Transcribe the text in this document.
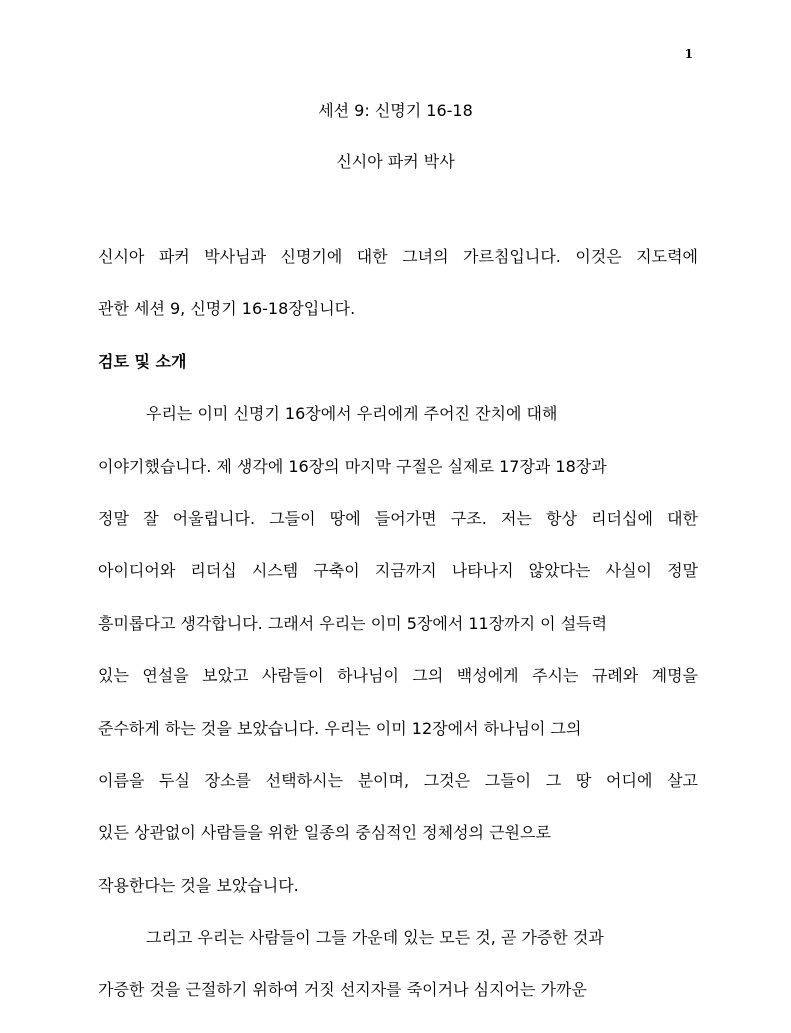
1
세션 9: 신명기 16-18
신시아 파커 박사
신시아 파커 박사님과 신명기에 대한 그녀의 가르침입니다. 이것은 지도력에
관한 세션 9, 신명기 16-18장입니다.
검토 및 소개
우리는 이미 신명기 16장에서 우리에게 주어진 잔치에 대해
이야기했습니다. 제 생각에 16장의 마지막 구절은 실제로 17장과 18장과
정말 잘 어울립니다. 그들이 땅에 들어가면 구조. 저는 항상 리더십에 대한
아이디어와 리더십 시스템 구축이 지금까지 나타나지 않았다는 사실이 정말
흥미롭다고 생각합니다. 그래서 우리는 이미 5장에서 11장까지 이 설득력
있는 연설을 보았고 사람들이 하나님이 그의 백성에게 주시는 규례와 계명을
준수하게 하는 것을 보았습니다. 우리는 이미 12장에서 하나님이 그의
이름을 두실 장소를 선택하시는 분이며, 그것은 그들이 그 땅 어디에 살고
있든 상관없이 사람들을 위한 일종의 중심적인 정체성의 근원으로
작용한다는 것을 보았습니다.
그리고 우리는 사람들이 그들 가운데 있는 모든 것, 곧 가증한 것과
가증한 것을 근절하기 위하여 거짓 선지자를 죽이거나 심지어는 가까운
